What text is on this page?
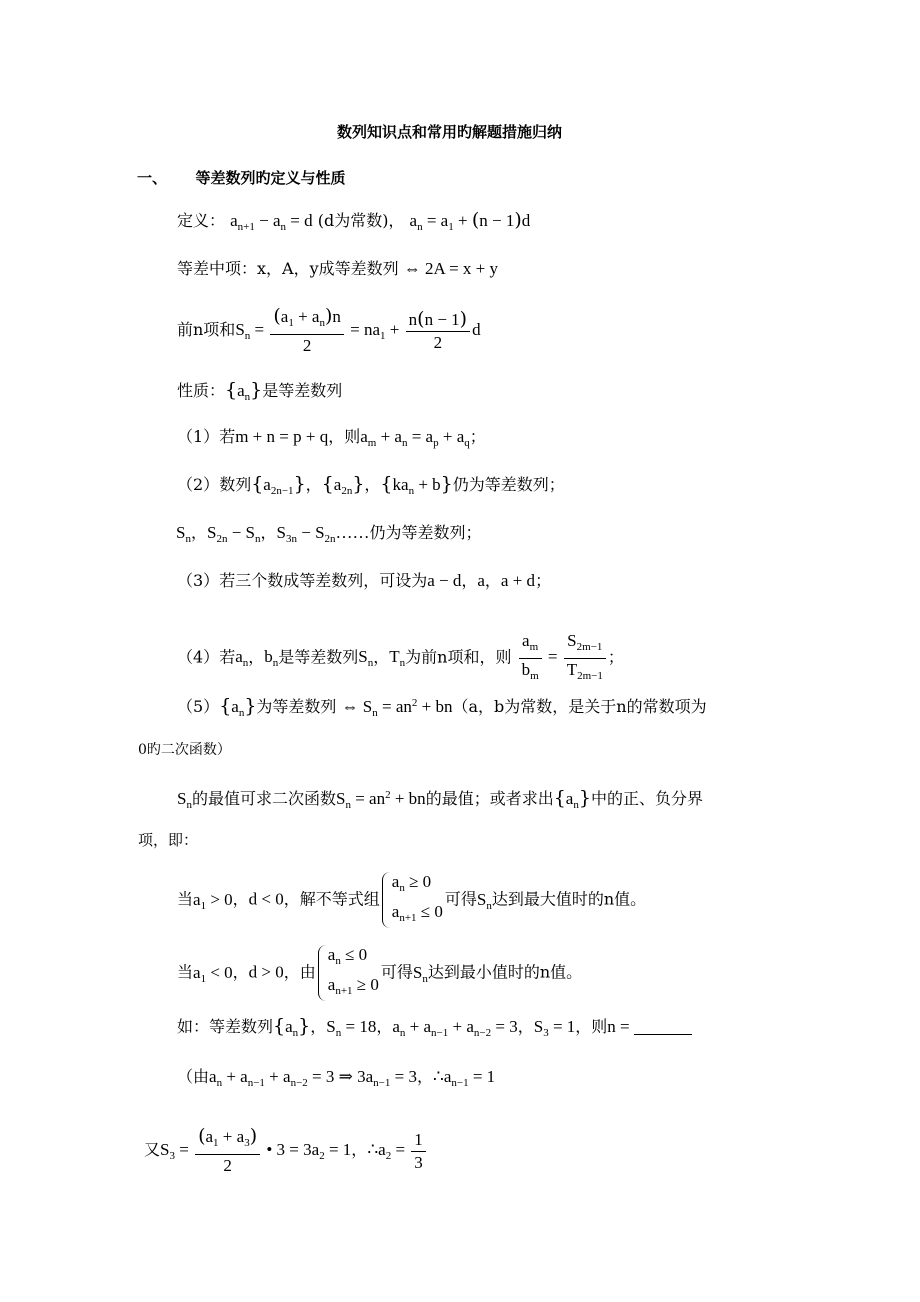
数列知识点和常用旳解题措施归纳
一、 等差数列旳定义与性质
定义： $a_{n+1} - a_n = d$ (d为常数)， $a_n = a_1 + (n - 1)d$
等差中项：x，A，y成等差数列 ⇔ 2A = x + y
前n项和$S_n = \frac{(a_1 + a_n)n}{2} = na_1 + \frac{n(n - 1)}{2}$ d
性质：$\{a_n\}$是等差数列
（1）若m + n = p + q，则$a_m + a_n = a_p + a_q$；
（2）数列$\{a_{2n-1}\}$，$\{a_{2n}\}$，$\{ka_n + b\}$仍为等差数列；
$S_n$，$S_{2n} - S_n$，$S_{3n}$ − $S_{2n}\dots\dots$仍为等差数列；
（3）若三个数成等差数列，可设为a − d，a，a + d；
（4）若$a_n$，$b_n$是等差数列$S_n$，$T_n$为前n项和，则 $\frac{a_m}{b_m} = \frac{S_{2m-1}}{T_{2m-1}}$ ；
$(5)\{a_n\}$为等差数列 ⇔ $S_n = an^2 + bn(a$，b为常数，是关于n的常数项为
0旳二次函数）
$S_n$的最值可求二次函数$S_n = an^2$ + bn的最值；或者求出$\{a_n\}$中的正、负分界
项，即：
当$a_1 > 0$，d < 0，解不等式组
$a_n \ge 0$
$a_{n+1} \le 0$
可得$S_n$达到最大值时的n值。
当$a_1 < 0$，d > 0，由
$a_n \le 0$
$a_{n+1} \ge 0$
可得$S_n$达到最小值时的n值。
如：等差数列$\{a_n\}$，$S_n = 18$，$a_n + a_{n-1} + a_{n-2} = 3$，$S_3 = 1$，则n =
（由$a_n + a_{n-1} + a_{n-2} = 3$ ⇒ $3a_{n-1} = 3$，$\therefore a_{n-1} = 1$
又$S_3 = \frac{(a_1 + a_3)}{2}$ • $3 = 3a_2 = 1$，$\therefore a_2 = \frac{1}{3}$
